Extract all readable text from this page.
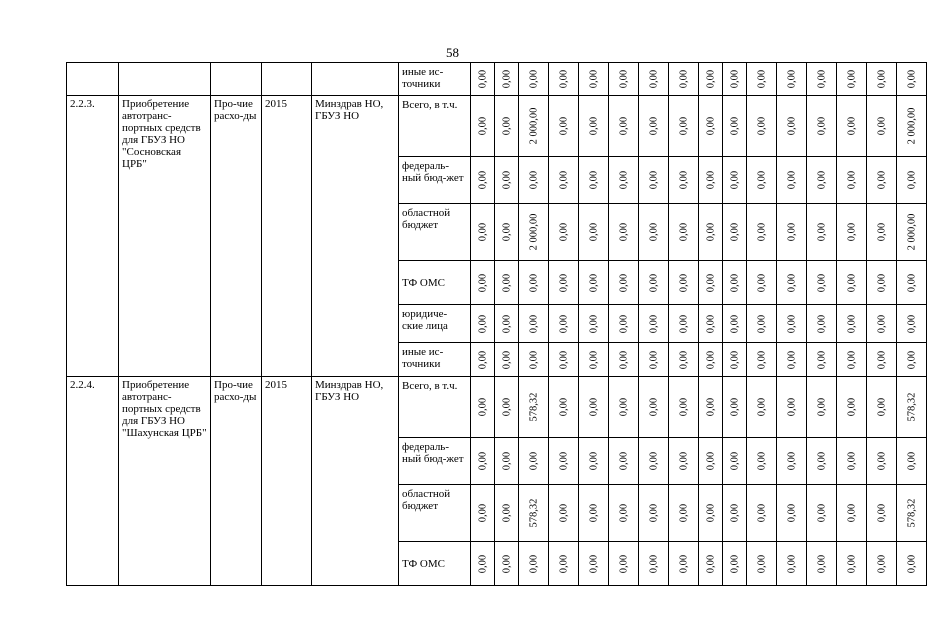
58
					иные ис-точники	0,00	0,00	0,00	0,00	0,00	0,00	0,00	0,00	0,00	0,00	0,00	0,00	0,00	0,00	0,00	0,00

2.2.3.	Приобретение автотранс-портных средств для ГБУЗ НО "Сосновская ЦРБ"	Про-чие расхо-ды	2015	Минздрав НО, ГБУЗ НО	Всего, в т.ч.	0,00	0,00	2 000,00	0,00	0,00	0,00	0,00	0,00	0,00	0,00	0,00	0,00	0,00	0,00	0,00	2 000,00

					федераль-ный бюд-жет	0,00	0,00	0,00	0,00	0,00	0,00	0,00	0,00	0,00	0,00	0,00	0,00	0,00	0,00	0,00	0,00

					областной бюджет	0,00	0,00	2 000,00	0,00	0,00	0,00	0,00	0,00	0,00	0,00	0,00	0,00	0,00	0,00	0,00	2 000,00

					ТФ ОМС	0,00	0,00	0,00	0,00	0,00	0,00	0,00	0,00	0,00	0,00	0,00	0,00	0,00	0,00	0,00	0,00

					юридиче-ские лица	0,00	0,00	0,00	0,00	0,00	0,00	0,00	0,00	0,00	0,00	0,00	0,00	0,00	0,00	0,00	0,00

					иные ис-точники	0,00	0,00	0,00	0,00	0,00	0,00	0,00	0,00	0,00	0,00	0,00	0,00	0,00	0,00	0,00	0,00

2.2.4.	Приобретение автотранс-портных средств для ГБУЗ НО "Шахунская ЦРБ"	Про-чие расхо-ды	2015	Минздрав НО, ГБУЗ НО	Всего, в т.ч.	0,00	0,00	578,32	0,00	0,00	0,00	0,00	0,00	0,00	0,00	0,00	0,00	0,00	0,00	0,00	578,32

					федераль-ный бюд-жет	0,00	0,00	0,00	0,00	0,00	0,00	0,00	0,00	0,00	0,00	0,00	0,00	0,00	0,00	0,00	0,00

					областной бюджет	0,00	0,00	578,32	0,00	0,00	0,00	0,00	0,00	0,00	0,00	0,00	0,00	0,00	0,00	0,00	578,32

					ТФ ОМС	0,00	0,00	0,00	0,00	0,00	0,00	0,00	0,00	0,00	0,00	0,00	0,00	0,00	0,00	0,00	0,00
